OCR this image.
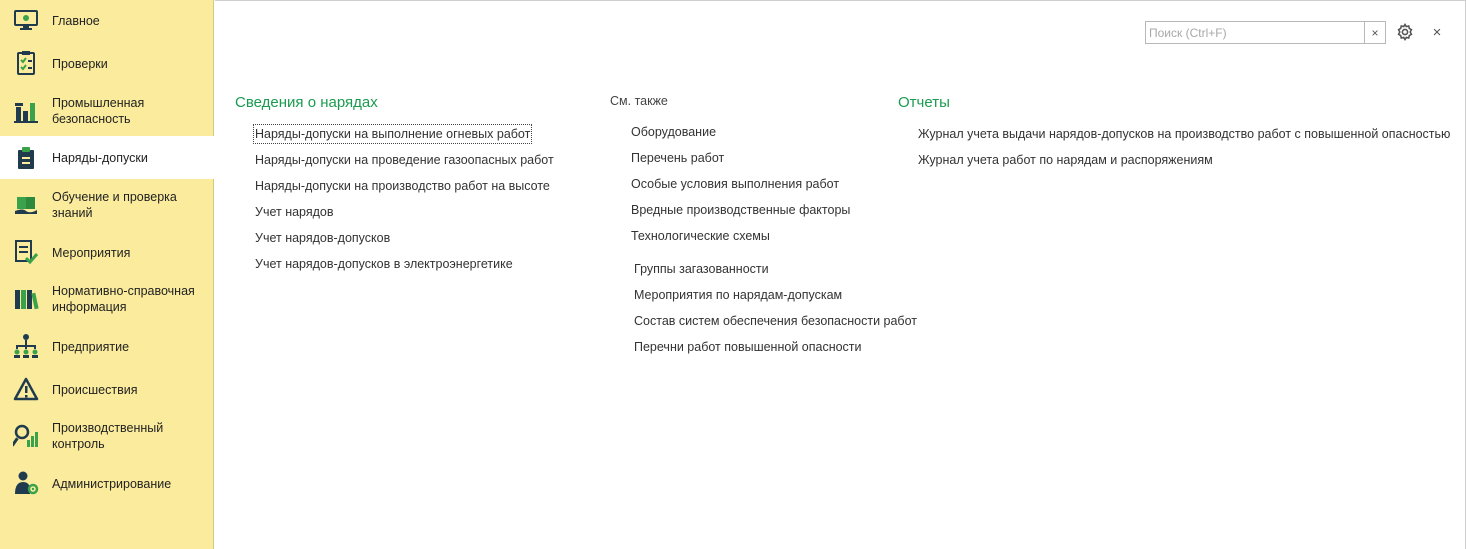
Главное
Проверки
Промышленная
безопасность
Наряды-допуски
Обучение и проверка
знаний
Мероприятия
Нормативно-справочная
информация
Предприятие
Происшествия
Производственный
контроль
Администрирование
Поиск (Ctrl+F)
×	×
Сведения о нарядах
Наряды-допуски на выполнение огневых работ
Наряды-допуски на проведение газоопасных работ
Наряды-допуски на производство работ на высоте
Учет нарядов
Учет нарядов-допусков
Учет нарядов-допусков в электроэнергетике
См. также
Оборудование
Перечень работ
Особые условия выполнения работ
Вредные производственные факторы
Технологические схемы
Группы загазованности
Мероприятия по нарядам-допускам
Состав систем обеспечения безопасности работ
Перечни работ повышенной опасности
Отчеты
Журнал учета выдачи нарядов-допусков на производство работ с повышенной опасностью
Журнал учета работ по нарядам и распоряжениям
